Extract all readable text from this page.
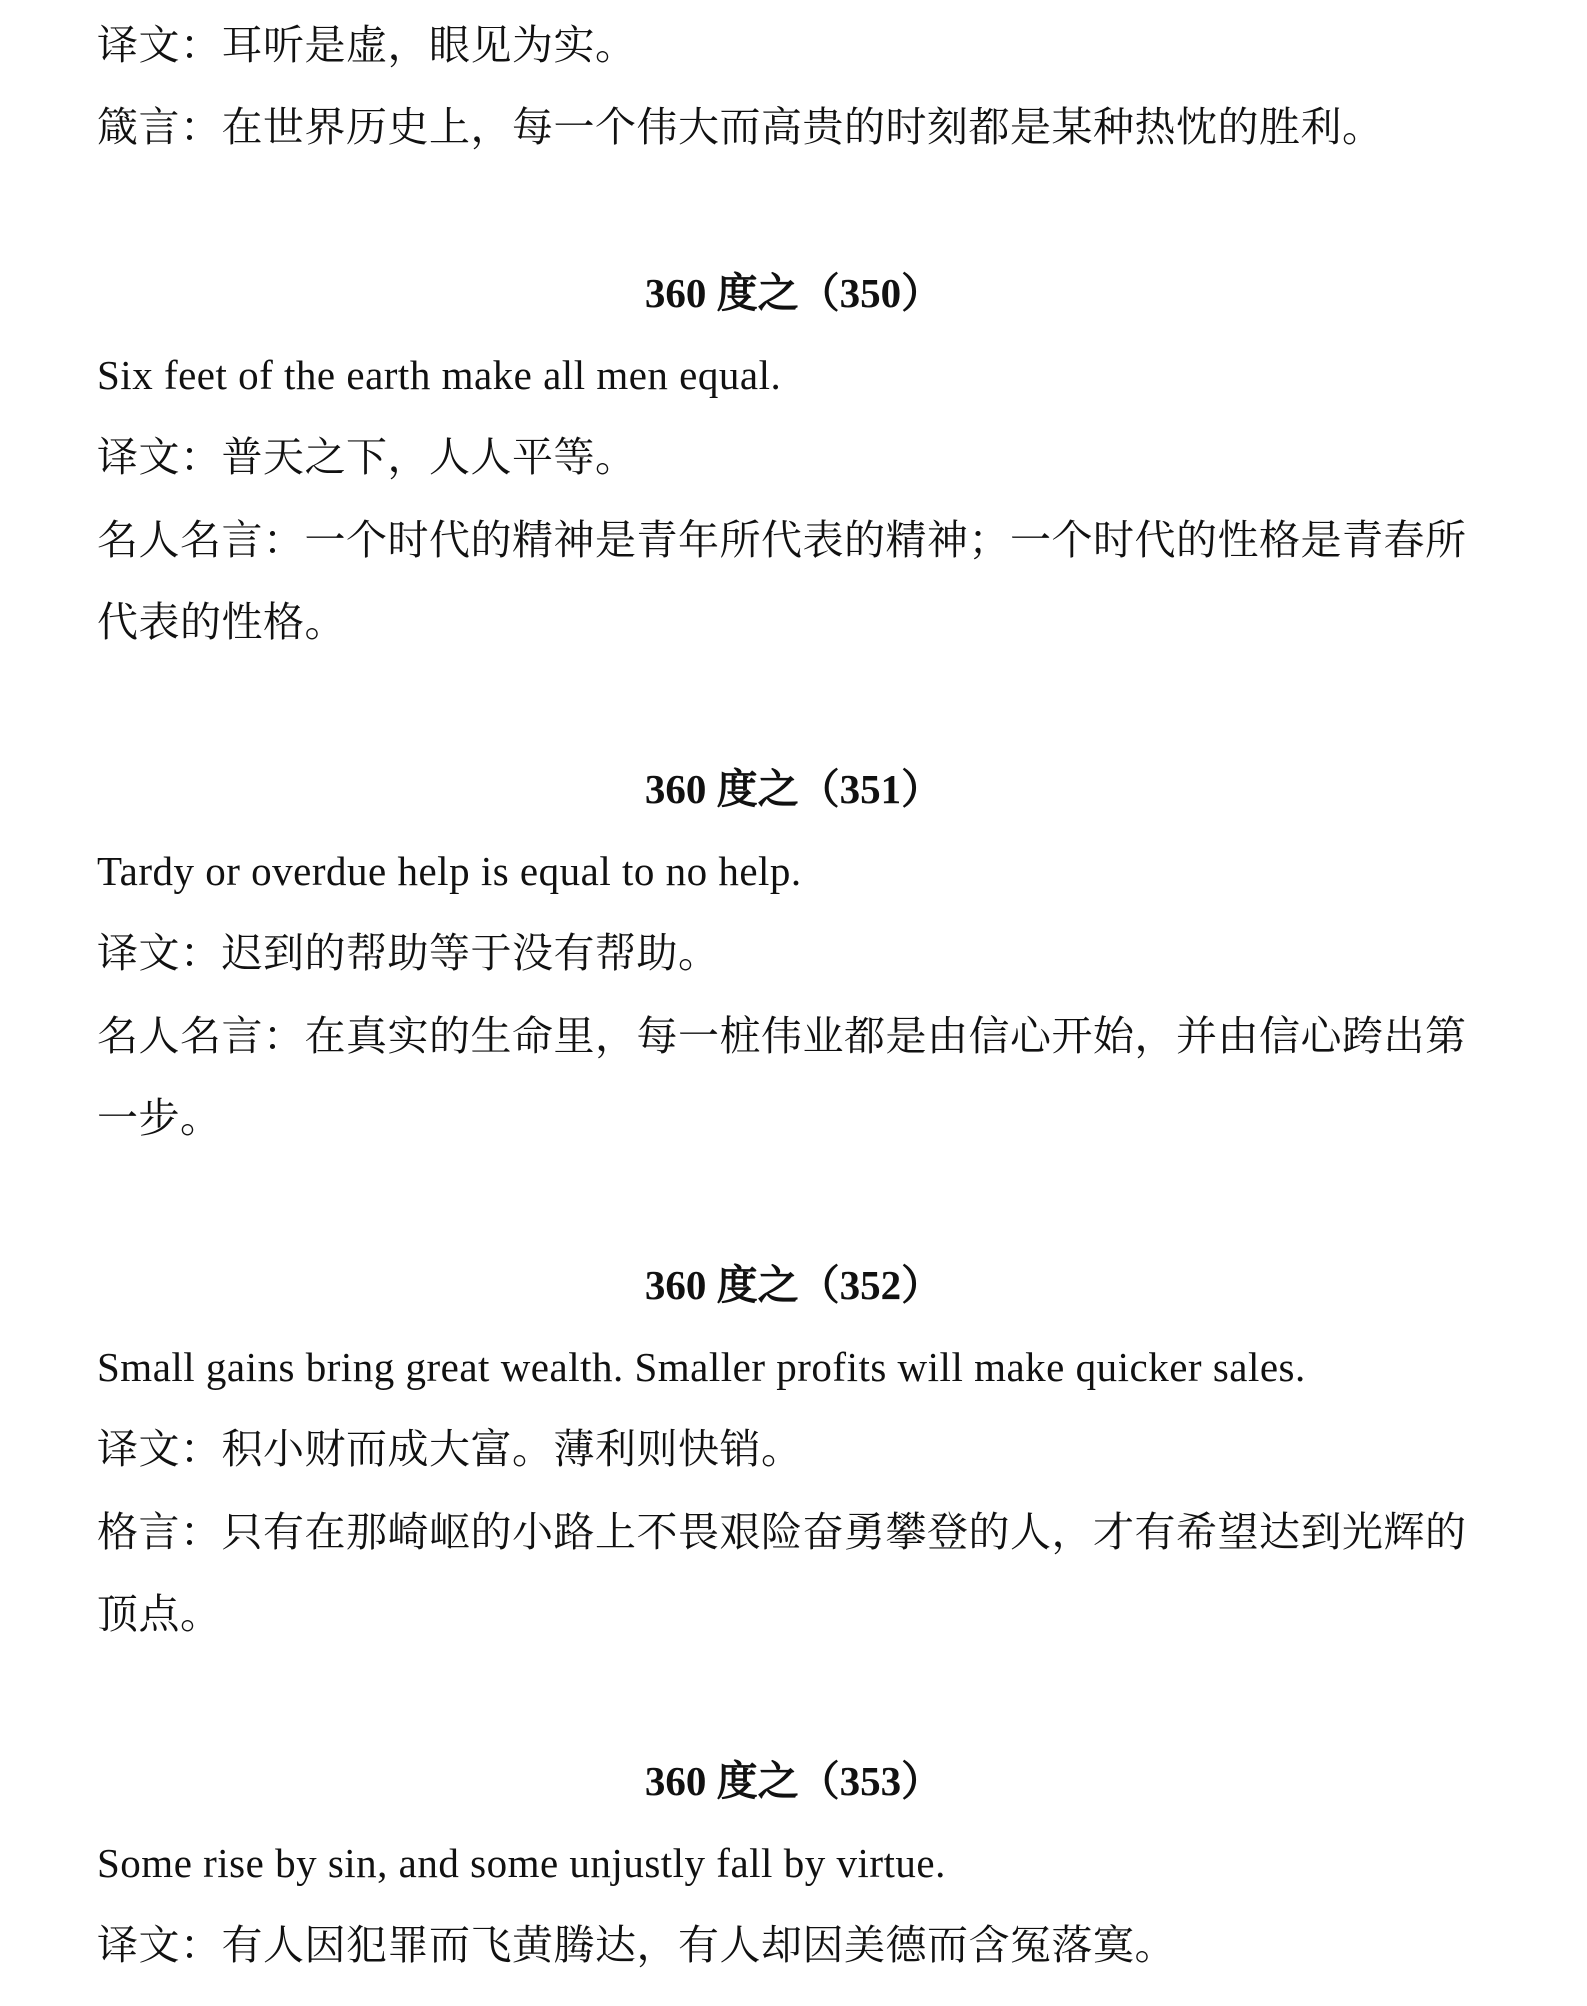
译文：耳听是虚，眼见为实。
箴言：在世界历史上，每一个伟大而高贵的时刻都是某种热忱的胜利。
360 度之（350）
Six feet of the earth make all men equal.
译文：普天之下，人人平等。
名人名言：一个时代的精神是青年所代表的精神；一个时代的性格是青春所
代表的性格。
360 度之（351）
Tardy or overdue help is equal to no help.
译文：迟到的帮助等于没有帮助。
名人名言：在真实的生命里，每一桩伟业都是由信心开始，并由信心跨出第
一步。
360 度之（352）
Small gains bring great wealth. Smaller profits will make quicker sales.
译文：积小财而成大富。薄利则快销。
格言：只有在那崎岖的小路上不畏艰险奋勇攀登的人，才有希望达到光辉的
顶点。
360 度之（353）
Some rise by sin, and some unjustly fall by virtue.
译文：有人因犯罪而飞黄腾达，有人却因美德而含冤落寞。
